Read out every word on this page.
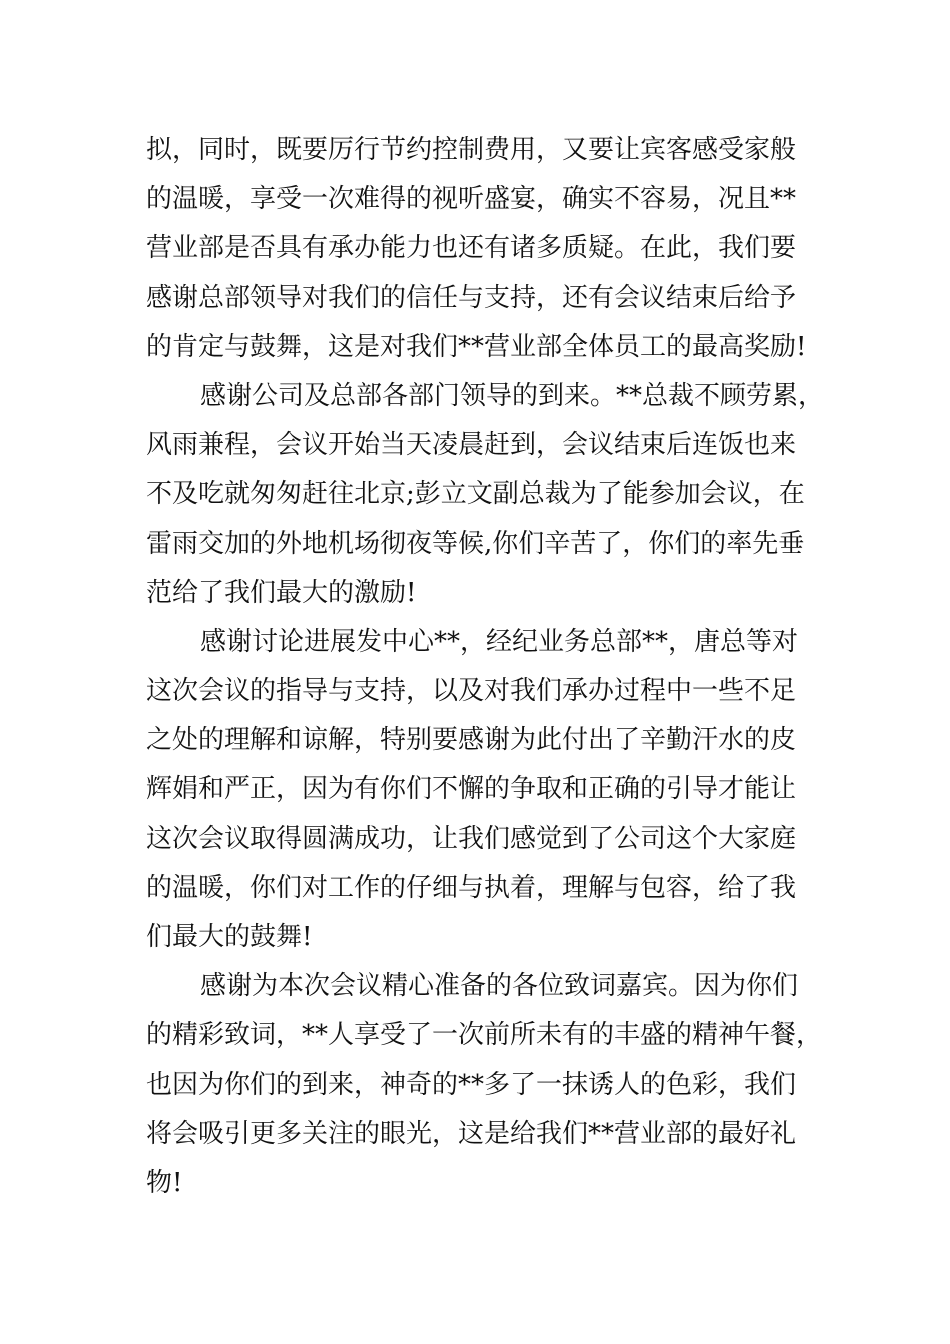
拟，同时，既要厉行节约控制费用，又要让宾客感受家般
的温暖，享受一次难得的视听盛宴，确实不容易，况且**
营业部是否具有承办能力也还有诸多质疑。在此，我们要
感谢总部领导对我们的信任与支持，还有会议结束后给予
的肯定与鼓舞，这是对我们**营业部全体员工的最高奖励!
感谢公司及总部各部门领导的到来。**总裁不顾劳累，
风雨兼程，会议开始当天凌晨赶到，会议结束后连饭也来
不及吃就匆匆赶往北京;彭立文副总裁为了能参加会议，在
雷雨交加的外地机场彻夜等候,你们辛苦了，你们的率先垂
范给了我们最大的激励!
感谢讨论进展发中心**，经纪业务总部**，唐总等对
这次会议的指导与支持，以及对我们承办过程中一些不足
之处的理解和谅解，特别要感谢为此付出了辛勤汗水的皮
辉娟和严正，因为有你们不懈的争取和正确的引导才能让
这次会议取得圆满成功，让我们感觉到了公司这个大家庭
的温暖，你们对工作的仔细与执着，理解与包容，给了我
们最大的鼓舞!
感谢为本次会议精心准备的各位致词嘉宾。因为你们
的精彩致词，**人享受了一次前所未有的丰盛的精神午餐，
也因为你们的到来，神奇的**多了一抹诱人的色彩，我们
将会吸引更多关注的眼光，这是给我们**营业部的最好礼
物!
